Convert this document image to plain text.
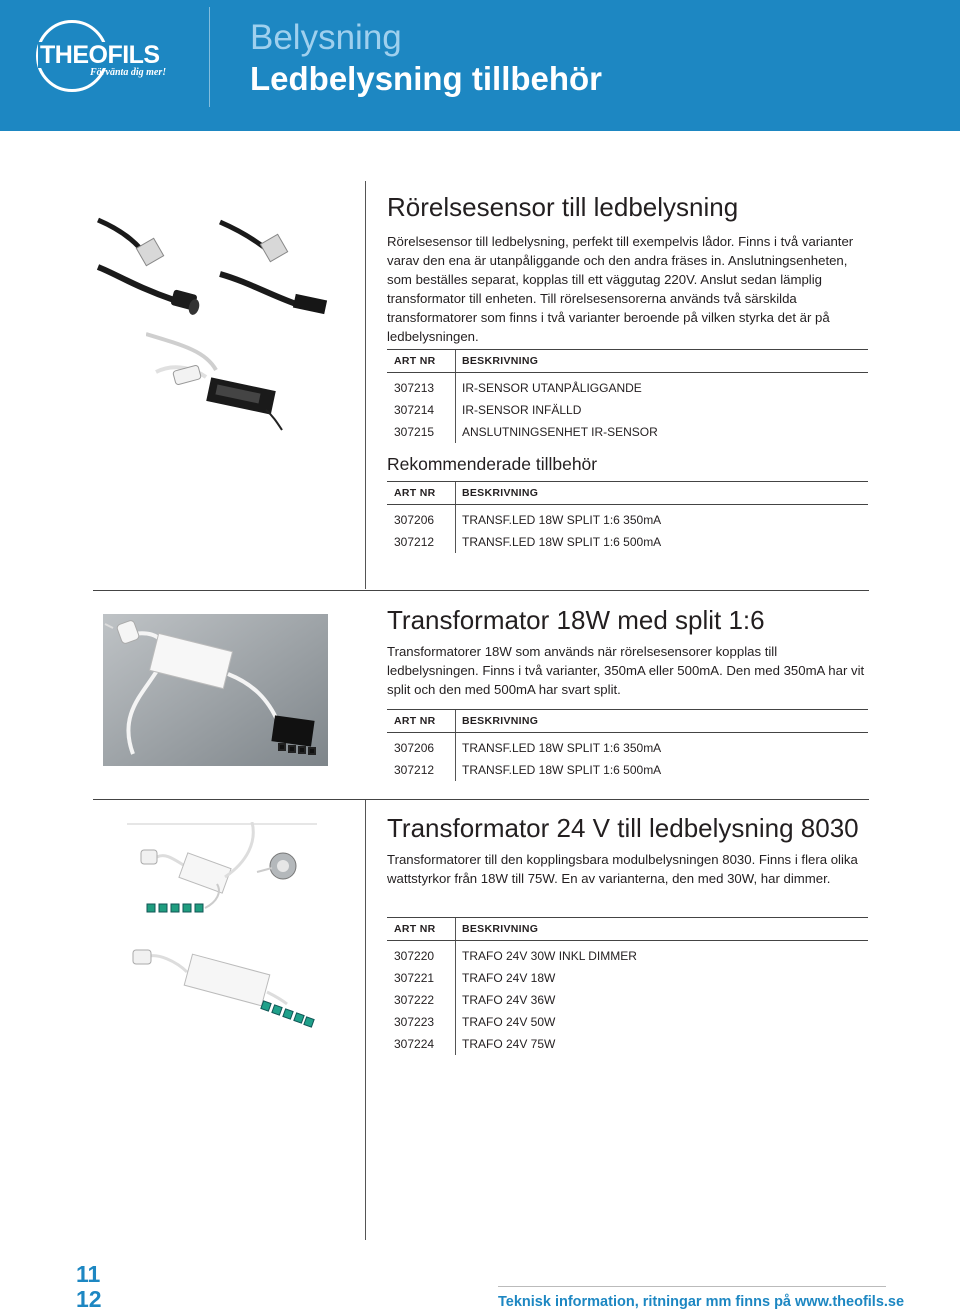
THEOFILS
Förvänta dig mer!
Belysning
Ledbelysning tillbehör
Rörelsesensor till ledbelysning
Rörelsesensor till ledbelysning, perfekt till exempelvis lådor. Finns i två varianter varav den ena är utanpåliggande och den andra fräses in. Anslutningsenheten, som beställes separat, kopplas till ett väggutag 220V. Anslut sedan lämplig transformator till enheten. Till rörelsesensorerna används två särskilda transformatorer som finns i två varianter beroende på vilken styrka det är på ledbelysningen.
ART NR	BESKRIVNING
307213 IR-SENSOR UTANPÅLIGGANDE
307214 IR-SENSOR INFÄLLD
307215 ANSLUTNINGSENHET IR-SENSOR
Rekommenderade tillbehör
ART NR	BESKRIVNING
307206 TRANSF.LED 18W SPLIT 1:6 350mA
307212 TRANSF.LED 18W SPLIT 1:6 500mA
Transformator 18W med split 1:6
Transformatorer 18W som används när rörelsesensorer kopplas till ledbelysningen. Finns i två varianter, 350mA eller 500mA. Den med 350mA har vit split och den med 500mA har svart split.
ART NR	BESKRIVNING
307206 TRANSF.LED 18W SPLIT 1:6 350mA
307212 TRANSF.LED 18W SPLIT 1:6 500mA
Transformator 24 V till ledbelysning 8030
Transformatorer till den kopplingsbara modulbelysningen 8030. Finns i flera olika wattstyrkor från 18W till 75W. En av varianterna, den med 30W, har dimmer.
ART NR	BESKRIVNING
307220 TRAFO 24V 30W INKL DIMMER
307221 TRAFO 24V 18W
307222 TRAFO 24V 36W
307223 TRAFO 24V 50W
307224 TRAFO 24V 75W
11
12	Teknisk information, ritningar mm finns på www.theofils.se
